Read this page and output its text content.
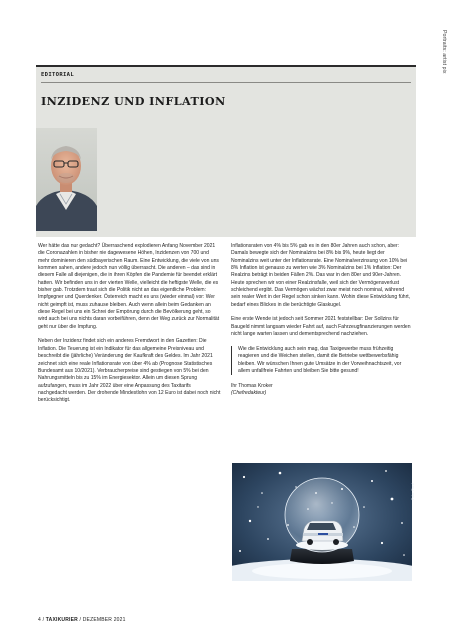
Portraits: artist pix
EDITORIAL
INZIDENZ UND INFLATION

Wer hätte das nur gedacht? Überraschend explodieren Anfang November 2021 die Coronazahlen in bisher nie dagewesene Höhen, Inzidenzen von 700 und mehr dominieren den südbayerischen Raum. Eine Entwicklung, die viele von uns kommen sahen, andere jedoch nun völlig überrascht. Die anderen – das sind in diesem Falle all diejenigen, die in ihren Köpfen die Pandemie für beendet erklärt hatten. Wir befinden uns in der vierten Welle, vielleicht die heftigste Welle, die es bisher gab. Trotzdem traut sich die Politik nicht an das eigentliche Problem: Impfgegner und Querdenker. Österreich macht es uns (wieder einmal) vor: Wer nicht geimpft ist, muss zuhause bleiben. Auch wenn allein beim Gedanken an diese Regel bei uns ein Schrei der Empörung durch die Bevölkerung geht, so wird auch bei uns nichts daran vorbeiführen, denn der Weg zurück zur Normalität geht nur über die Impfung.

Neben der Inzidenz findet sich ein anderes Fremdwort in den Gazetten: Die Inflation. Die Teuerung ist ein Indikator für das allgemeine Preisniveau und beschreibt die (jährliche) Veränderung der Kaufkraft des Geldes. Im Jahr 2021 zeichnet sich eine reale Inflationsrate von über 4% ab (Prognose Statistisches Bundesamt aus 10/2021). Verbraucherpreise sind gestiegen von 5% bei den Nahrungsmitteln bis zu 15% im Energiesektor. Allein um diesen Sprung aufzufangen, muss im Jahr 2022 über eine Anpassung des Taxitarifs nachgedacht werden. Der drohende Mindestlohn von 12 Euro ist dabei noch nicht berücksichtigt.

Inflationsraten von 4% bis 5% gab es in den 80er Jahren auch schon, aber: Damals bewegte sich der Nominalzins bei 8% bis 9%, heute liegt der Nominalzins weit unter der Inflationsrate. Eine Nominalverzinsung von 10% bei 8% Inflation ist genauso zu werten wie 3% Nominalzins bei 1% Inflation: Der Realzins beträgt in beiden Fällen 2%. Das war in den 80er und 90er-Jahren. Heute sprechen wir von einer Realzinsfalle, weil sich der Vermögensverlust schleichend ergibt. Das Vermögen wächst zwar meist noch nominal, während sein realer Wert in der Regel schon sinken kann. Wohin diese Entwicklung führt, bedarf eines Blickes in die berüchtigte Glaskugel.

Eine erste Wende ist jedoch seit Sommer 2021 feststellbar: Der Sollzins für Baugeld nimmt langsam wieder Fahrt auf, auch Fahrzeugfinanzierungen werden nicht lange warten lassen und dementsprechend nachziehen.

Wie die Entwicklung auch sein mag, das Taxigewerbe muss frühzeitig reagieren und die Weichen stellen, damit die Betriebe wettbewerbsfähig bleiben. Wir wünschen Ihnen gute Umsätze in der Vorweihnachtszeit, vor allem unfallfreie Fahrten und bleiben Sie bitte gesund!

Ihr Thomas Kroker
(Chefredakteur)

Foto: Ford
4 / TAXIKURIER / DEZEMBER 2021
